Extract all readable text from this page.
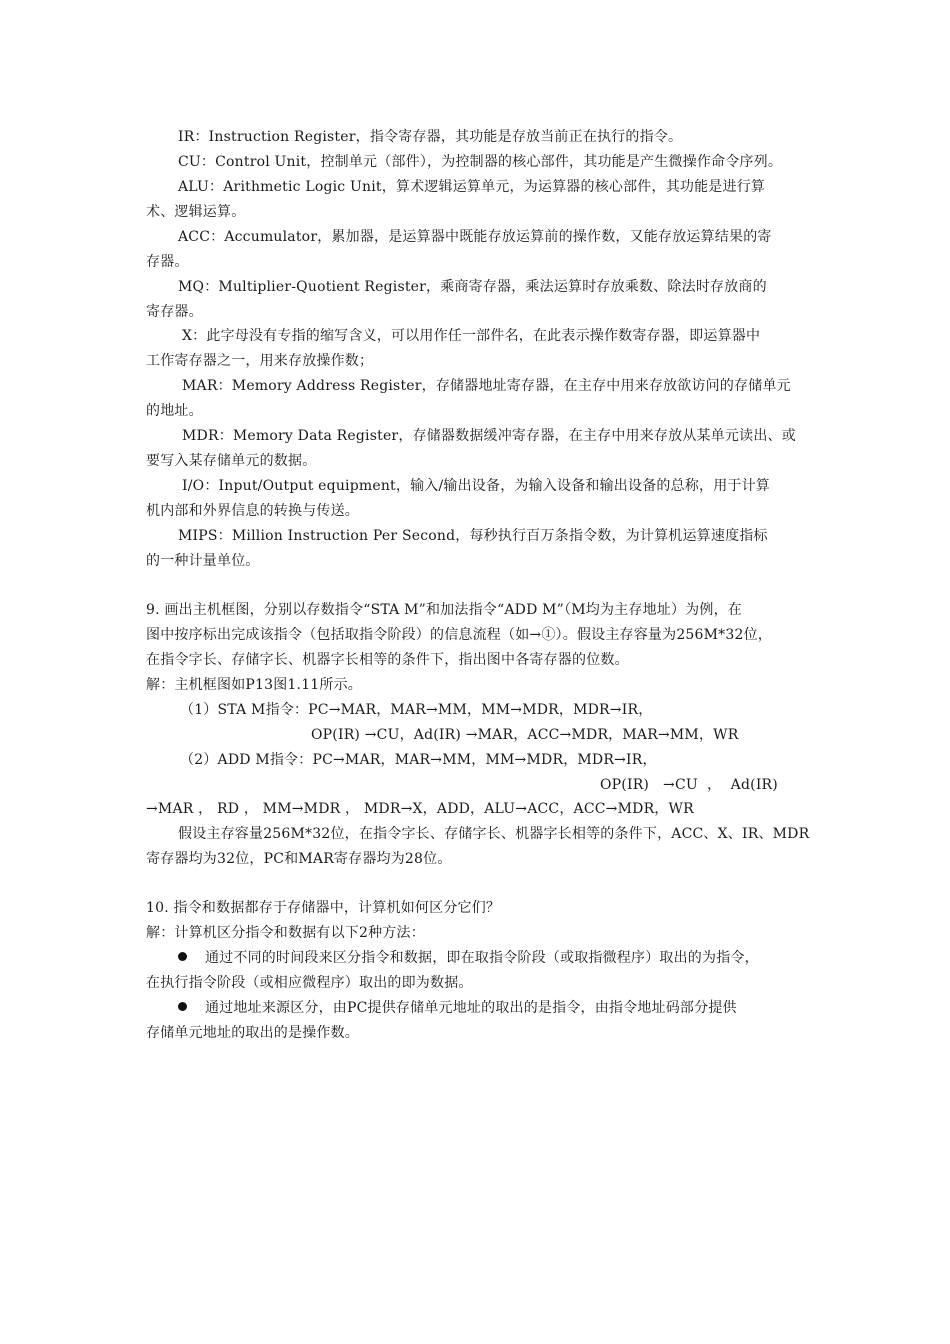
IR：Instruction Register，指令寄存器，其功能是存放当前正在执行的指令。
CU：Control Unit，控制单元（部件），为控制器的核心部件，其功能是产生微操作命令序列。
ALU：Arithmetic Logic Unit，算术逻辑运算单元，为运算器的核心部件，其功能是进行算
术、逻辑运算。
ACC：Accumulator，累加器，是运算器中既能存放运算前的操作数，又能存放运算结果的寄
存器。
MQ：Multiplier-Quotient Register，乘商寄存器，乘法运算时存放乘数、除法时存放商的
寄存器。
X：此字母没有专指的缩写含义，可以用作任一部件名，在此表示操作数寄存器，即运算器中
工作寄存器之一，用来存放操作数；
MAR：Memory Address Register，存储器地址寄存器，在主存中用来存放欲访问的存储单元
的地址。
MDR：Memory Data Register，存储器数据缓冲寄存器，在主存中用来存放从某单元读出、或
要写入某存储单元的数据。
I/O：Input/Output equipment，输入/输出设备，为输入设备和输出设备的总称，用于计算
机内部和外界信息的转换与传送。
MIPS：Million Instruction Per Second，每秒执行百万条指令数，为计算机运算速度指标
的一种计量单位。
9. 画出主机框图，分别以存数指令“STA M”和加法指令“ADD M”（M均为主存地址）为例，在
图中按序标出完成该指令（包括取指令阶段）的信息流程（如→①）。假设主存容量为256M*32位，
在指令字长、存储字长、机器字长相等的条件下，指出图中各寄存器的位数。
解：主机框图如P13图1.11所示。
（1）STA M指令：PC→MAR，MAR→MM，MM→MDR，MDR→IR，
OP(IR) →CU，Ad(IR) →MAR，ACC→MDR，MAR→MM，WR
（2）ADD M指令：PC→MAR，MAR→MM，MM→MDR，MDR→IR，
OP(IR)   →CU  ，  Ad(IR)
→MAR ， RD ， MM→MDR ， MDR→X，ADD，ALU→ACC，ACC→MDR，WR
假设主存容量256M*32位，在指令字长、存储字长、机器字长相等的条件下，ACC、X、IR、MDR
寄存器均为32位，PC和MAR寄存器均为28位。
10. 指令和数据都存于存储器中，计算机如何区分它们？
解：计算机区分指令和数据有以下2种方法：
通过不同的时间段来区分指令和数据，即在取指令阶段（或取指微程序）取出的为指令，
在执行指令阶段（或相应微程序）取出的即为数据。
通过地址来源区分，由PC提供存储单元地址的取出的是指令，由指令地址码部分提供
存储单元地址的取出的是操作数。
